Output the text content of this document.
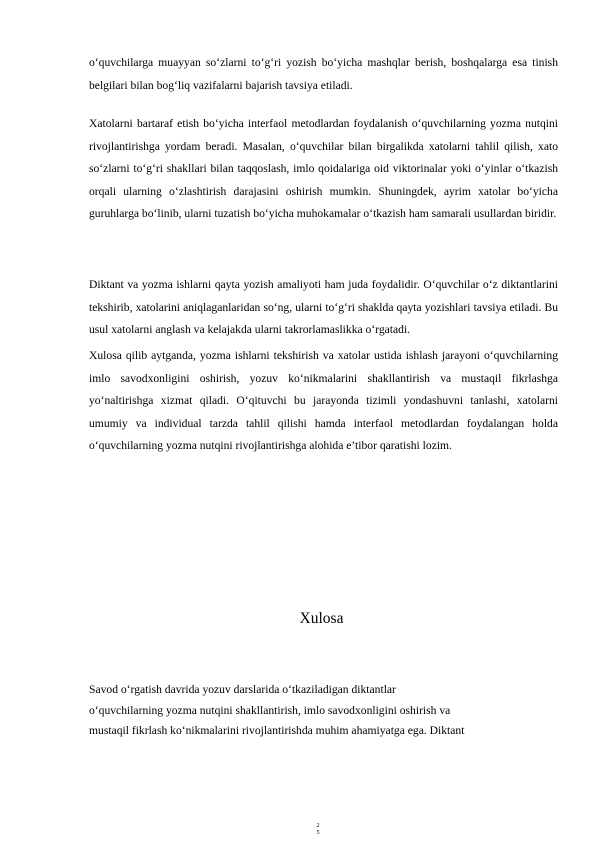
o‘quvchilarga muayyan so‘zlarni to‘g‘ri yozish bo‘yicha mashqlar berish, boshqalarga esa tinish belgilari bilan bog‘liq vazifalarni bajarish tavsiya etiladi.

Xatolarni bartaraf etish bo‘yicha interfaol metodlardan foydalanish o‘quvchilarning yozma nutqini rivojlantirishga yordam beradi. Masalan, o‘quvchilar bilan birgalikda xatolarni tahlil qilish, xato so‘zlarni to‘g‘ri shakllari bilan taqqoslash, imlo qoidalariga oid viktorinalar yoki o‘yinlar o‘tkazish orqali ularning o‘zlashtirish darajasini oshirish mumkin. Shuningdek, ayrim xatolar bo‘yicha guruhlarga bo‘linib, ularni tuzatish bo‘yicha muhokamalar o‘tkazish ham samarali usullardan biridir.

Diktant va yozma ishlarni qayta yozish amaliyoti ham juda foydalidir. O‘quvchilar o‘z diktantlarini tekshirib, xatolarini aniqlaganlaridan so‘ng, ularni to‘g‘ri shaklda qayta yozishlari tavsiya etiladi. Bu usul xatolarni anglash va kelajakda ularni takrorlamaslikka o‘rgatadi.

Xulosa qilib aytganda, yozma ishlarni tekshirish va xatolar ustida ishlash jarayoni o‘quvchilarning imlo savodxonligini oshirish, yozuv ko‘nikmalarini shakllantirish va mustaqil fikrlashga yo‘naltirishga xizmat qiladi. O‘qituvchi bu jarayonda tizimli yondashuvni tanlashi, xatolarni umumiy va individual tarzda tahlil qilishi hamda interfaol metodlardan foydalangan holda o‘quvchilarning yozma nutqini rivojlantirishga alohida e’tibor qaratishi lozim.

Xulosa
Savod o‘rgatish davrida yozuv darslarida o‘tkaziladigan diktantlar
o‘quvchilarning yozma nutqini shakllantirish, imlo savodxonligini oshirish va
mustaqil fikrlash ko‘nikmalarini rivojlantirishda muhim ahamiyatga ega. Diktant
2
5
